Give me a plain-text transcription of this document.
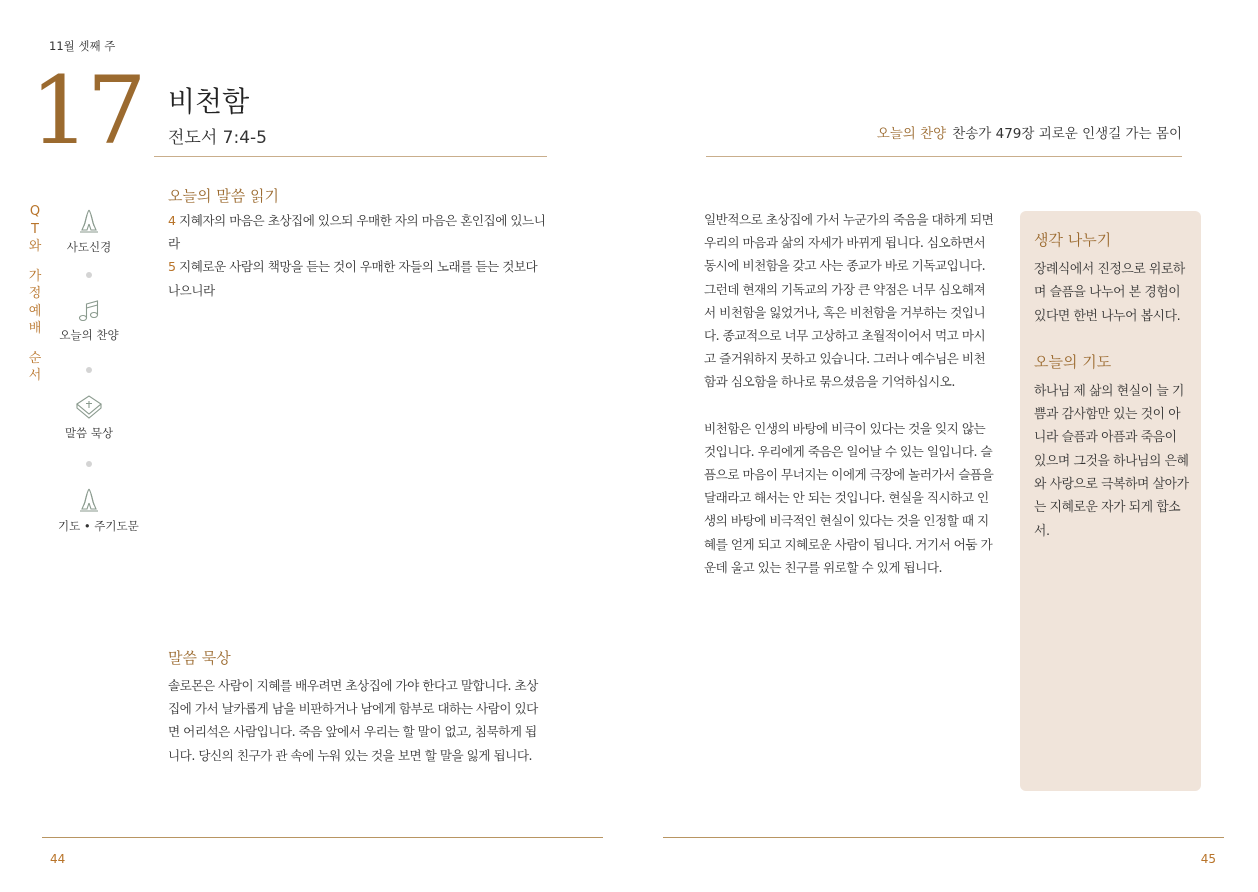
11월 셋째 주
17 비천함
전도서 7:4-5	오늘의 찬양 찬송가 479장 괴로운 인생길 가는 몸이
QT와
가정예배
순서
사도신경
오늘의 찬양
말씀 묵상
기도 • 주기도문
오늘의 말씀 읽기
4 지혜자의 마음은 초상집에 있으되 우매한 자의 마음은 혼인집에 있느니라
5 지혜로운 사람의 책망을 듣는 것이 우매한 자들의 노래를 듣는 것보다 나으니라
말씀 묵상
솔로몬은 사람이 지혜를 배우려면 초상집에 가야 한다고 말합니다. 초상집에 가서 날카롭게 남을 비판하거나 남에게 함부로 대하는 사람이 있다면 어리석은 사람입니다. 죽음 앞에서 우리는 할 말이 없고, 침묵하게 됩니다. 당신의 친구가 관 속에 누워 있는 것을 보면 할 말을 잃게 됩니다.

일반적으로 초상집에 가서 누군가의 죽음을 대하게 되면 우리의 마음과 삶의 자세가 바뀌게 됩니다. 심오하면서 동시에 비천함을 갖고 사는 종교가 바로 기독교입니다. 그런데 현재의 기독교의 가장 큰 약점은 너무 심오해져서 비천함을 잃었거나, 혹은 비천함을 거부하는 것입니다. 종교적으로 너무 고상하고 초월적이어서 먹고 마시고 즐거워하지 못하고 있습니다. 그러나 예수님은 비천함과 심오함을 하나로 묶으셨음을 기억하십시오.

비천함은 인생의 바탕에 비극이 있다는 것을 잊지 않는 것입니다. 우리에게 죽음은 일어날 수 있는 일입니다. 슬픔으로 마음이 무너지는 이에게 극장에 놀러가서 슬픔을 달래라고 해서는 안 되는 것입니다. 현실을 직시하고 인생의 바탕에 비극적인 현실이 있다는 것을 인정할 때 지혜를 얻게 되고 지혜로운 사람이 됩니다. 거기서 어둠 가운데 울고 있는 친구를 위로할 수 있게 됩니다.

생각 나누기
장례식에서 진정으로 위로하며 슬픔을 나누어 본 경험이 있다면 한번 나누어 봅시다.
오늘의 기도
하나님 제 삶의 현실이 늘 기쁨과 감사함만 있는 것이 아니라 슬픔과 아픔과 죽음이 있으며 그것을 하나님의 은혜와 사랑으로 극복하며 살아가는 지혜로운 자가 되게 합소서.
44	45
